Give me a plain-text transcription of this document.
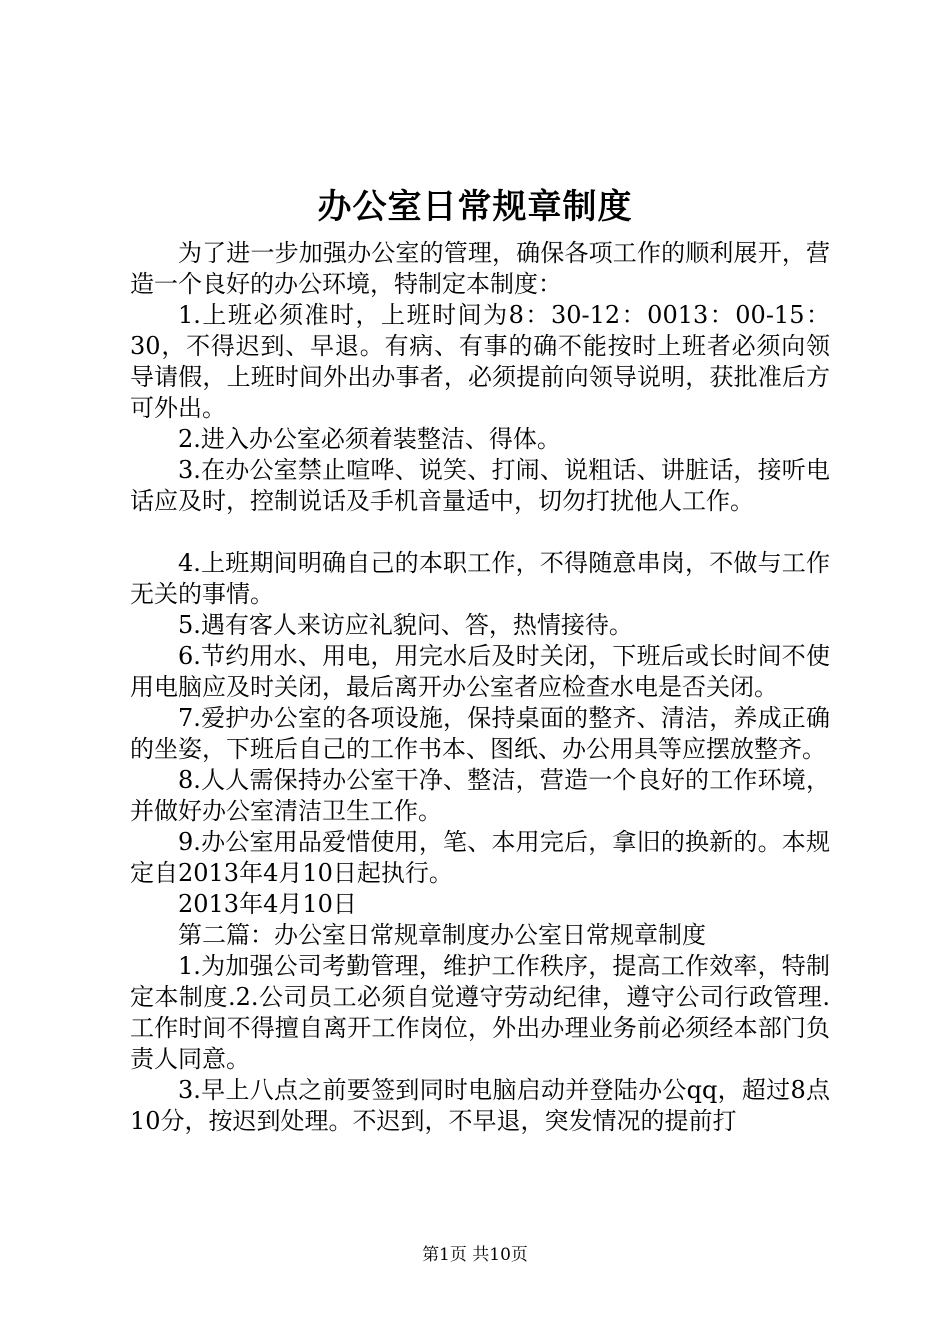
办公室日常规章制度

为了进一步加强办公室的管理，确保各项工作的顺利展开，营造一个良好的办公环境，特制定本制度：

1.上班必须准时，上班时间为8：30-12：0013：00-15：30，不得迟到、早退。有病、有事的确不能按时上班者必须向领导请假，上班时间外出办事者，必须提前向领导说明，获批准后方可外出。

2.进入办公室必须着装整洁、得体。

3.在办公室禁止喧哗、说笑、打闹、说粗话、讲脏话，接听电话应及时，控制说话及手机音量适中，切勿打扰他人工作。

4.上班期间明确自己的本职工作，不得随意串岗，不做与工作无关的事情。

5.遇有客人来访应礼貌问、答，热情接待。

6.节约用水、用电，用完水后及时关闭，下班后或长时间不使用电脑应及时关闭，最后离开办公室者应检查水电是否关闭。

7.爱护办公室的各项设施，保持桌面的整齐、清洁，养成正确的坐姿，下班后自己的工作书本、图纸、办公用具等应摆放整齐。

8.人人需保持办公室干净、整洁，营造一个良好的工作环境，并做好办公室清洁卫生工作。

9.办公室用品爱惜使用，笔、本用完后，拿旧的换新的。本规定自2013年4月10日起执行。

2013年4月10日

第二篇：办公室日常规章制度办公室日常规章制度

1.为加强公司考勤管理，维护工作秩序，提高工作效率，特制定本制度.2.公司员工必须自觉遵守劳动纪律，遵守公司行政管理.工作时间不得擅自离开工作岗位，外出办理业务前必须经本部门负责人同意。

3.早上八点之前要签到同时电脑启动并登陆办公qq，超过8点10分，按迟到处理。不迟到，不早退，突发情况的提前打

第1页 共10页
